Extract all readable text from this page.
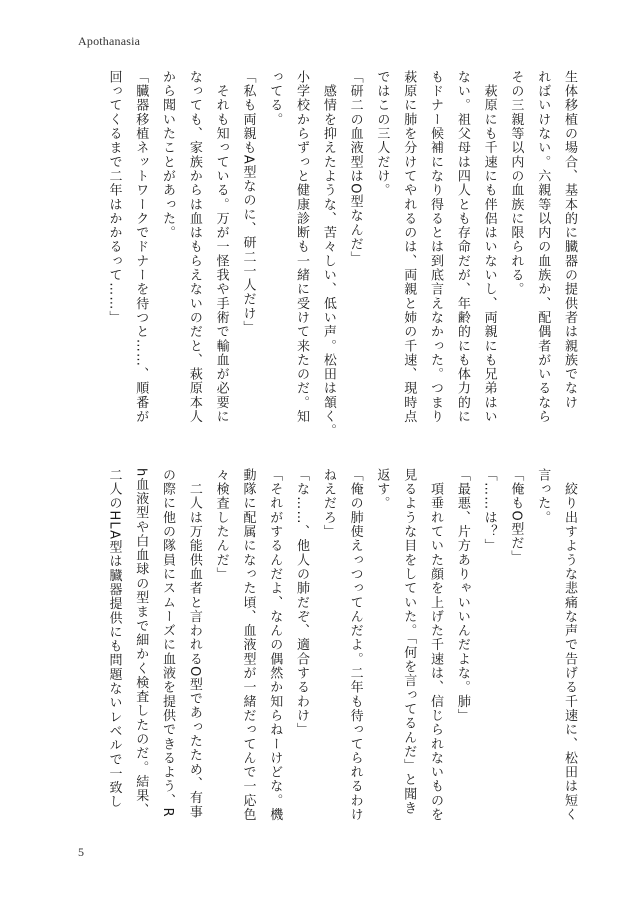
Apothanasia
生体移植の場合、基本的に臓器の提供者は親族でなけ
ればいけない。六親等以内の血族か、配偶者がいるなら
その三親等以内の血族に限られる。
　萩原にも千速にも伴侶はいないし、両親にも兄弟はい
ない。祖父母は四人とも存命だが、年齢的にも体力的に
もドナー候補になり得るとは到底言えなかった。つまり
萩原に肺を分けてやれるのは、両親と姉の千速、現時点
ではこの三人だけ。
「研二の血液型はO型なんだ」
　感情を抑えたような、苦々しい、低い声。松田は頷く。
小学校からずっと健康診断も一緒に受けて来たのだ。知
ってる。
「私も両親もA型なのに、研二一人だけ」
　それも知っている。万が一怪我や手術で輸血が必要に
なっても、家族からは血はもらえないのだと、萩原本人
から聞いたことがあった。
「臓器移植ネットワークでドナーを待つと……、順番が
回ってくるまで二年はかかるって……」
　絞り出すような悲痛な声で告げる千速に、松田は短く
言った。
「俺もO型だ」
「……は？」
「最悪、片方ありゃいいんだよな。肺」
　項垂れていた顔を上げた千速は、信じられないものを
見るような目をしていた。「何を言ってるんだ」と聞き
返す。
「俺の肺使えっつってんだよ。二年も待ってられるわけ
ねえだろ」
「な……、他人の肺だぞ、適合するわけ」
「それがするんだよ、なんの偶然か知らねーけどな。機
動隊に配属になった頃、血液型が一緒だってんで一応色
々検査したんだ」
　二人は万能供血者と言われるO型であったため、有事
の際に他の隊員にスムーズに血液を提供できるよう、R
h血液型や白血球の型まで細かく検査したのだ。結果、
二人のHLA型は臓器提供にも問題ないレベルで一致し
5
